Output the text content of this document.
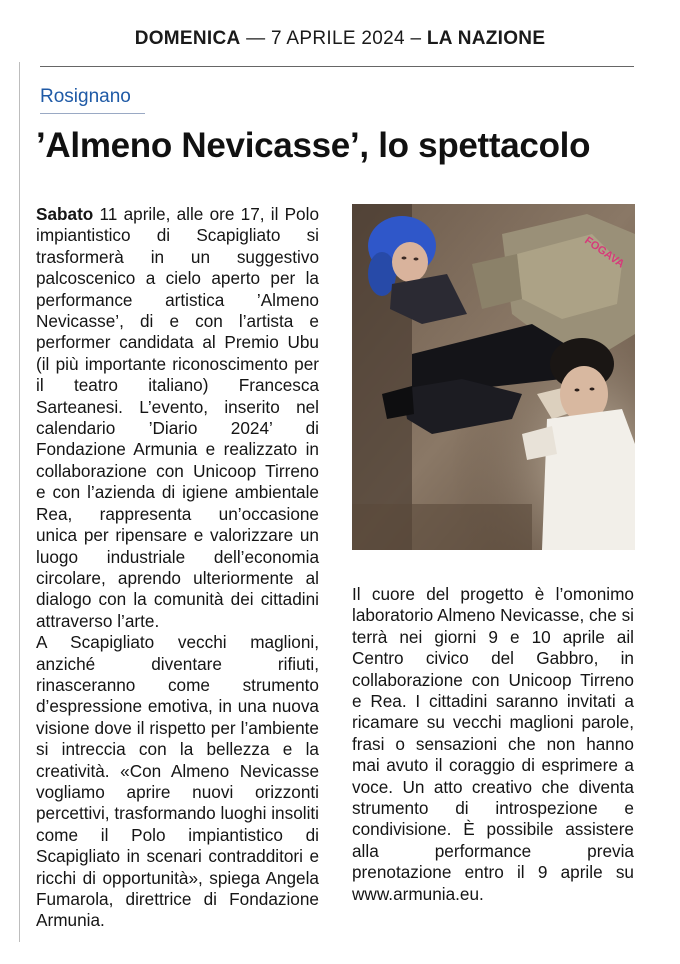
DOMENICA — 7 APRILE 2024 – LA NAZIONE
Rosignano
’Almeno Nevicasse’, lo spettacolo

Sabato 11 aprile, alle ore 17, il Polo impiantistico di Scapigliato si trasformerà in un suggestivo palcoscenico a cielo aperto per la performance artistica ’Almeno Nevicasse’, di e con l’artista e performer candidata al Premio Ubu (il più importante riconoscimento per il teatro italiano) Francesca Sarteanesi. L’evento, inserito nel calendario ’Diario 2024’ di Fondazione Armunia e realizzato in collaborazione con Unicoop Tirreno e con l’azienda di igiene ambientale Rea, rappresenta un’occasione unica per ripensare e valorizzare un luogo industriale dell’economia circolare, aprendo ulteriormente al dialogo con la comunità dei cittadini attraverso l’arte.

A Scapigliato vecchi maglioni, anziché diventare rifiuti, rinasceranno come strumento d’espressione emotiva, in una nuova visione dove il rispetto per l’ambiente si intreccia con la bellezza e la creatività. «Con Almeno Nevicasse vogliamo aprire nuovi orizzonti percettivi, trasformando luoghi insoliti come il Polo impiantistico di Scapigliato in scenari contradditori e ricchi di opportunità», spiega Angela Fumarola, direttrice di Fondazione Armunia.

FOGAVA

Il cuore del progetto è l’omonimo laboratorio Almeno Nevicasse, che si terrà nei giorni 9 e 10 aprile ail Centro civico del Gabbro, in collaborazione con Unicoop Tirreno e Rea. I cittadini saranno invitati a ricamare su vecchi maglioni parole, frasi o sensazioni che non hanno mai avuto il coraggio di esprimere a voce. Un atto creativo che diventa strumento di introspezione e condivisione. È possibile assistere alla performance previa prenotazione entro il 9 aprile su www.armunia.eu.
